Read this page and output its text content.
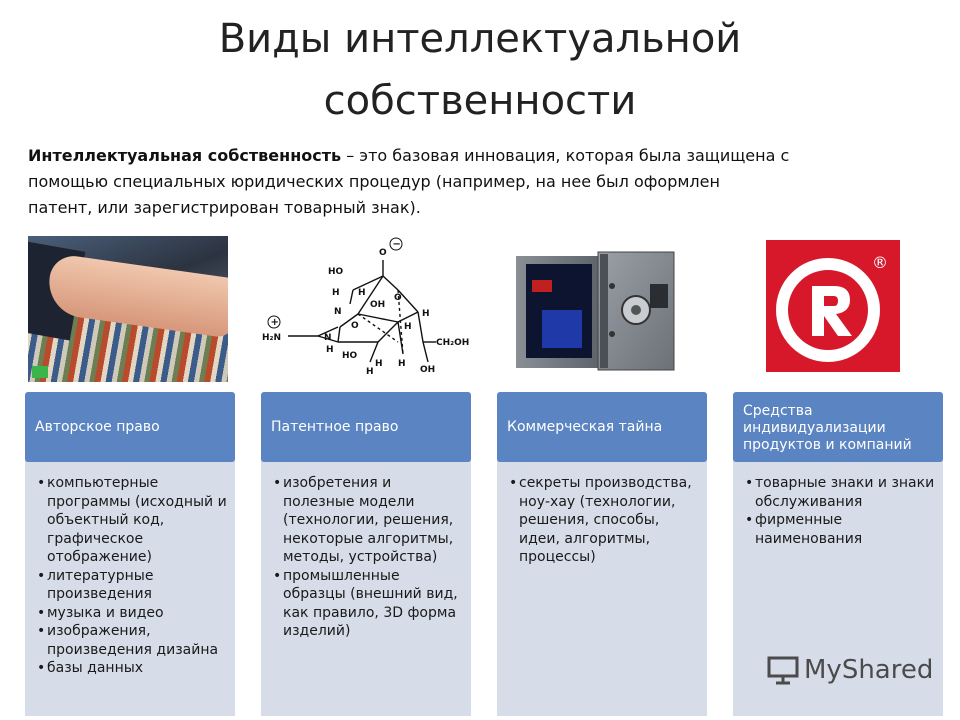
Виды интеллектуальной
собственности
Интеллектуальная собственность – это базовая инновация, которая была защищена с
помощью специальных юридических процедур (например, на нее был оформлен
патент, или зарегистрирован товарный знак).
O
−
HO
H H
OH
O
O
H
N
+
H₂N	N
H
H
CH₂OH
HO
H H
H	OH
®
• компьютерные программы (исходный и объектный код, графическое отображение)
• литературные произведения
• музыка и видео
• изображения, произведения дизайна
• базы данных
Авторское право
• изобретения и полезные модели (технологии, решения, некоторые алгоритмы, методы, устройства)
• промышленные образцы (внешний вид, как правило, 3D форма изделий)
Патентное право
• секреты производства, ноу-хау (технологии, решения, способы, идеи, алгоритмы, процессы)
Коммерческая тайна
• товарные знаки и знаки обслуживания
• фирменные наименования
Средства индивидуализации продуктов и компаний
MyShared
